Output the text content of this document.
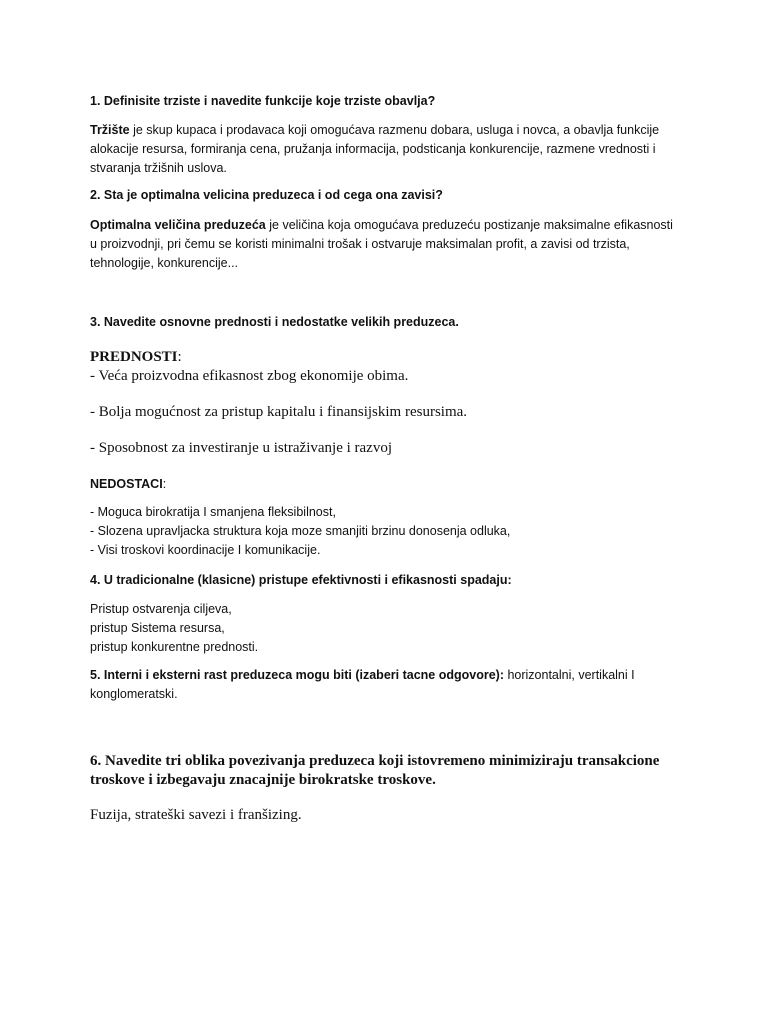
1. Definisite trziste i navedite funkcije koje trziste obavlja?

Tržište je skup kupaca i prodavaca koji omogućava razmenu dobara, usluga i novca, a obavlja funkcije
alokacije resursa, formiranja cena, pružanja informacija, podsticanja konkurencije, razmene vrednosti i
stvaranja tržišnih uslova.

2. Sta je optimalna velicina preduzeca i od cega ona zavisi?

Optimalna veličina preduzeća je veličina koja omogućava preduzeću postizanje maksimalne efikasnosti
u proizvodnji, pri čemu se koristi minimalni trošak i ostvaruje maksimalan profit, a zavisi od trzista,
tehnologije, konkurencije...

3. Navedite osnovne prednosti i nedostatke velikih preduzeca.

PREDNOSTI:
- Veća proizvodna efikasnost zbog ekonomije obima.

- Bolja mogućnost za pristup kapitalu i finansijskim resursima.

- Sposobnost za investiranje u istraživanje i razvoj

NEDOSTACI:

- Moguca birokratija I smanjena fleksibilnost,
- Slozena upravljacka struktura koja moze smanjiti brzinu donosenja odluka,
- Visi troskovi koordinacije I komunikacije.

4. U tradicionalne (klasicne) pristupe efektivnosti i efikasnosti spadaju:

Pristup ostvarenja ciljeva,
pristup Sistema resursa,
pristup konkurentne prednosti.

5. Interni i eksterni rast preduzeca mogu biti (izaberi tacne odgovore): horizontalni, vertikalni I
konglomeratski.

6. Navedite tri oblika povezivanja preduzeca koji istovremeno minimiziraju transakcione
troskove i izbegavaju znacajnije birokratske troskove.

Fuzija, strateški savezi i franšizing.
